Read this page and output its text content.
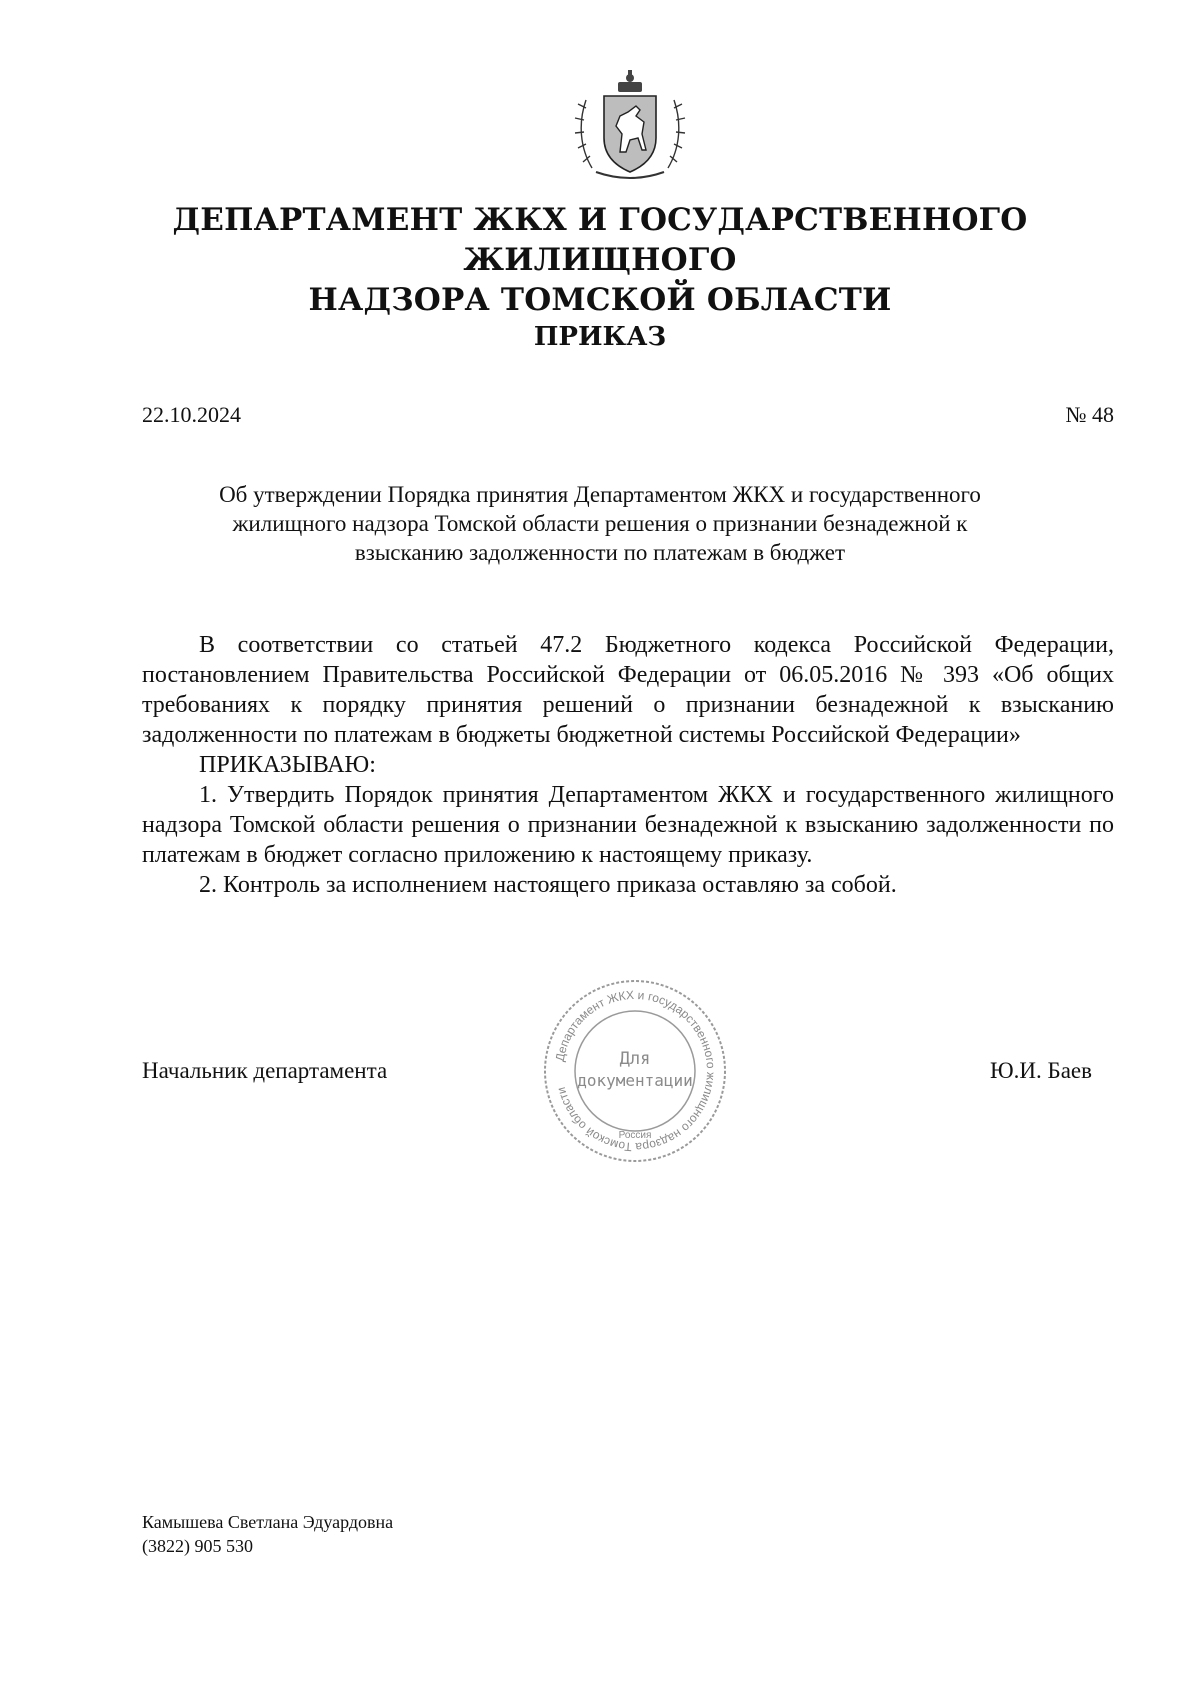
ДЕПАРТАМЕНТ ЖКХ И ГОСУДАРСТВЕННОГО ЖИЛИЩНОГО
НАДЗОРА ТОМСКОЙ ОБЛАСТИ
ПРИКАЗ
22.10.2024	№ 48
Об утверждении Порядка принятия Департаментом ЖКХ и государственного
жилищного надзора Томской области решения о признании безнадежной к
взысканию задолженности по платежам в бюджет

В соответствии со статьей 47.2 Бюджетного кодекса Российской Федерации, постановлением Правительства Российской Федерации от 06.05.2016 № 393 «Об общих требованиях к порядку принятия решений о признании безнадежной к взысканию задолженности по платежам в бюджеты бюджетной системы Российской Федерации»

ПРИКАЗЫВАЮ:

1. Утвердить Порядок принятия Департаментом ЖКХ и государственного жилищного надзора Томской области решения о признании безнадежной к взысканию задолженности по платежам в бюджет согласно приложению к настоящему приказу.

2. Контроль за исполнением настоящего приказа оставляю за собой.

Департамент ЖКХ и государственного жилищного надзора Томской области
Для
документации
Россия
Начальник департамента	Ю.И. Баев
Камышева Светлана Эдуардовна
(3822) 905 530
